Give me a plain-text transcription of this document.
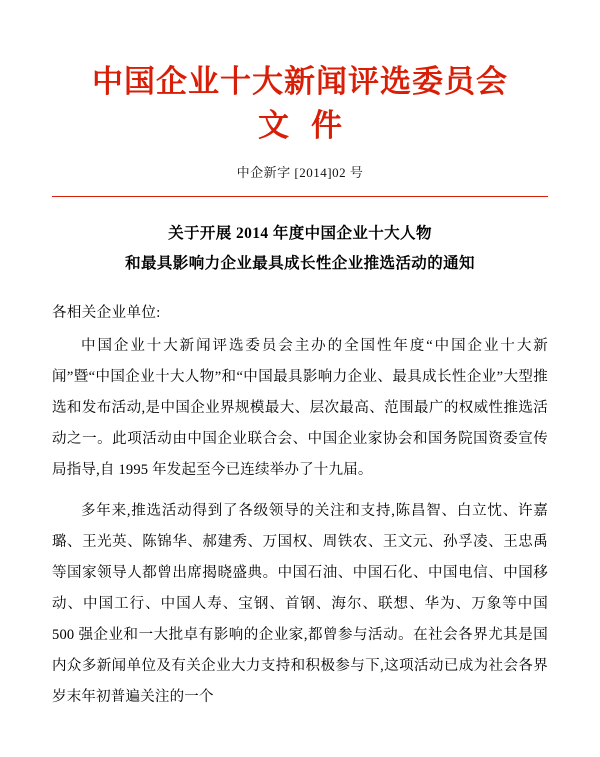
中国企业十大新闻评选委员会
文件
中企新字 [2014]02 号
关于开展 2014 年度中国企业十大人物
和最具影响力企业最具成长性企业推选活动的通知
各相关企业单位:

中国企业十大新闻评选委员会主办的全国性年度“中国企业十大新闻”暨“中国企业十大人物”和“中国最具影响力企业、最具成长性企业”大型推选和发布活动,是中国企业界规模最大、层次最高、范围最广的权威性推选活动之一。此项活动由中国企业联合会、中国企业家协会和国务院国资委宣传局指导,自 1995 年发起至今已连续举办了十九届。

多年来,推选活动得到了各级领导的关注和支持,陈昌智、白立忱、许嘉璐、王光英、陈锦华、郝建秀、万国权、周铁农、王文元、孙孚凌、王忠禹等国家领导人都曾出席揭晓盛典。中国石油、中国石化、中国电信、中国移动、中国工行、中国人寿、宝钢、首钢、海尔、联想、华为、万象等中国 500 强企业和一大批卓有影响的企业家,都曾参与活动。在社会各界尤其是国内众多新闻单位及有关企业大力支持和积极参与下,这项活动已成为社会各界岁末年初普遍关注的一个
